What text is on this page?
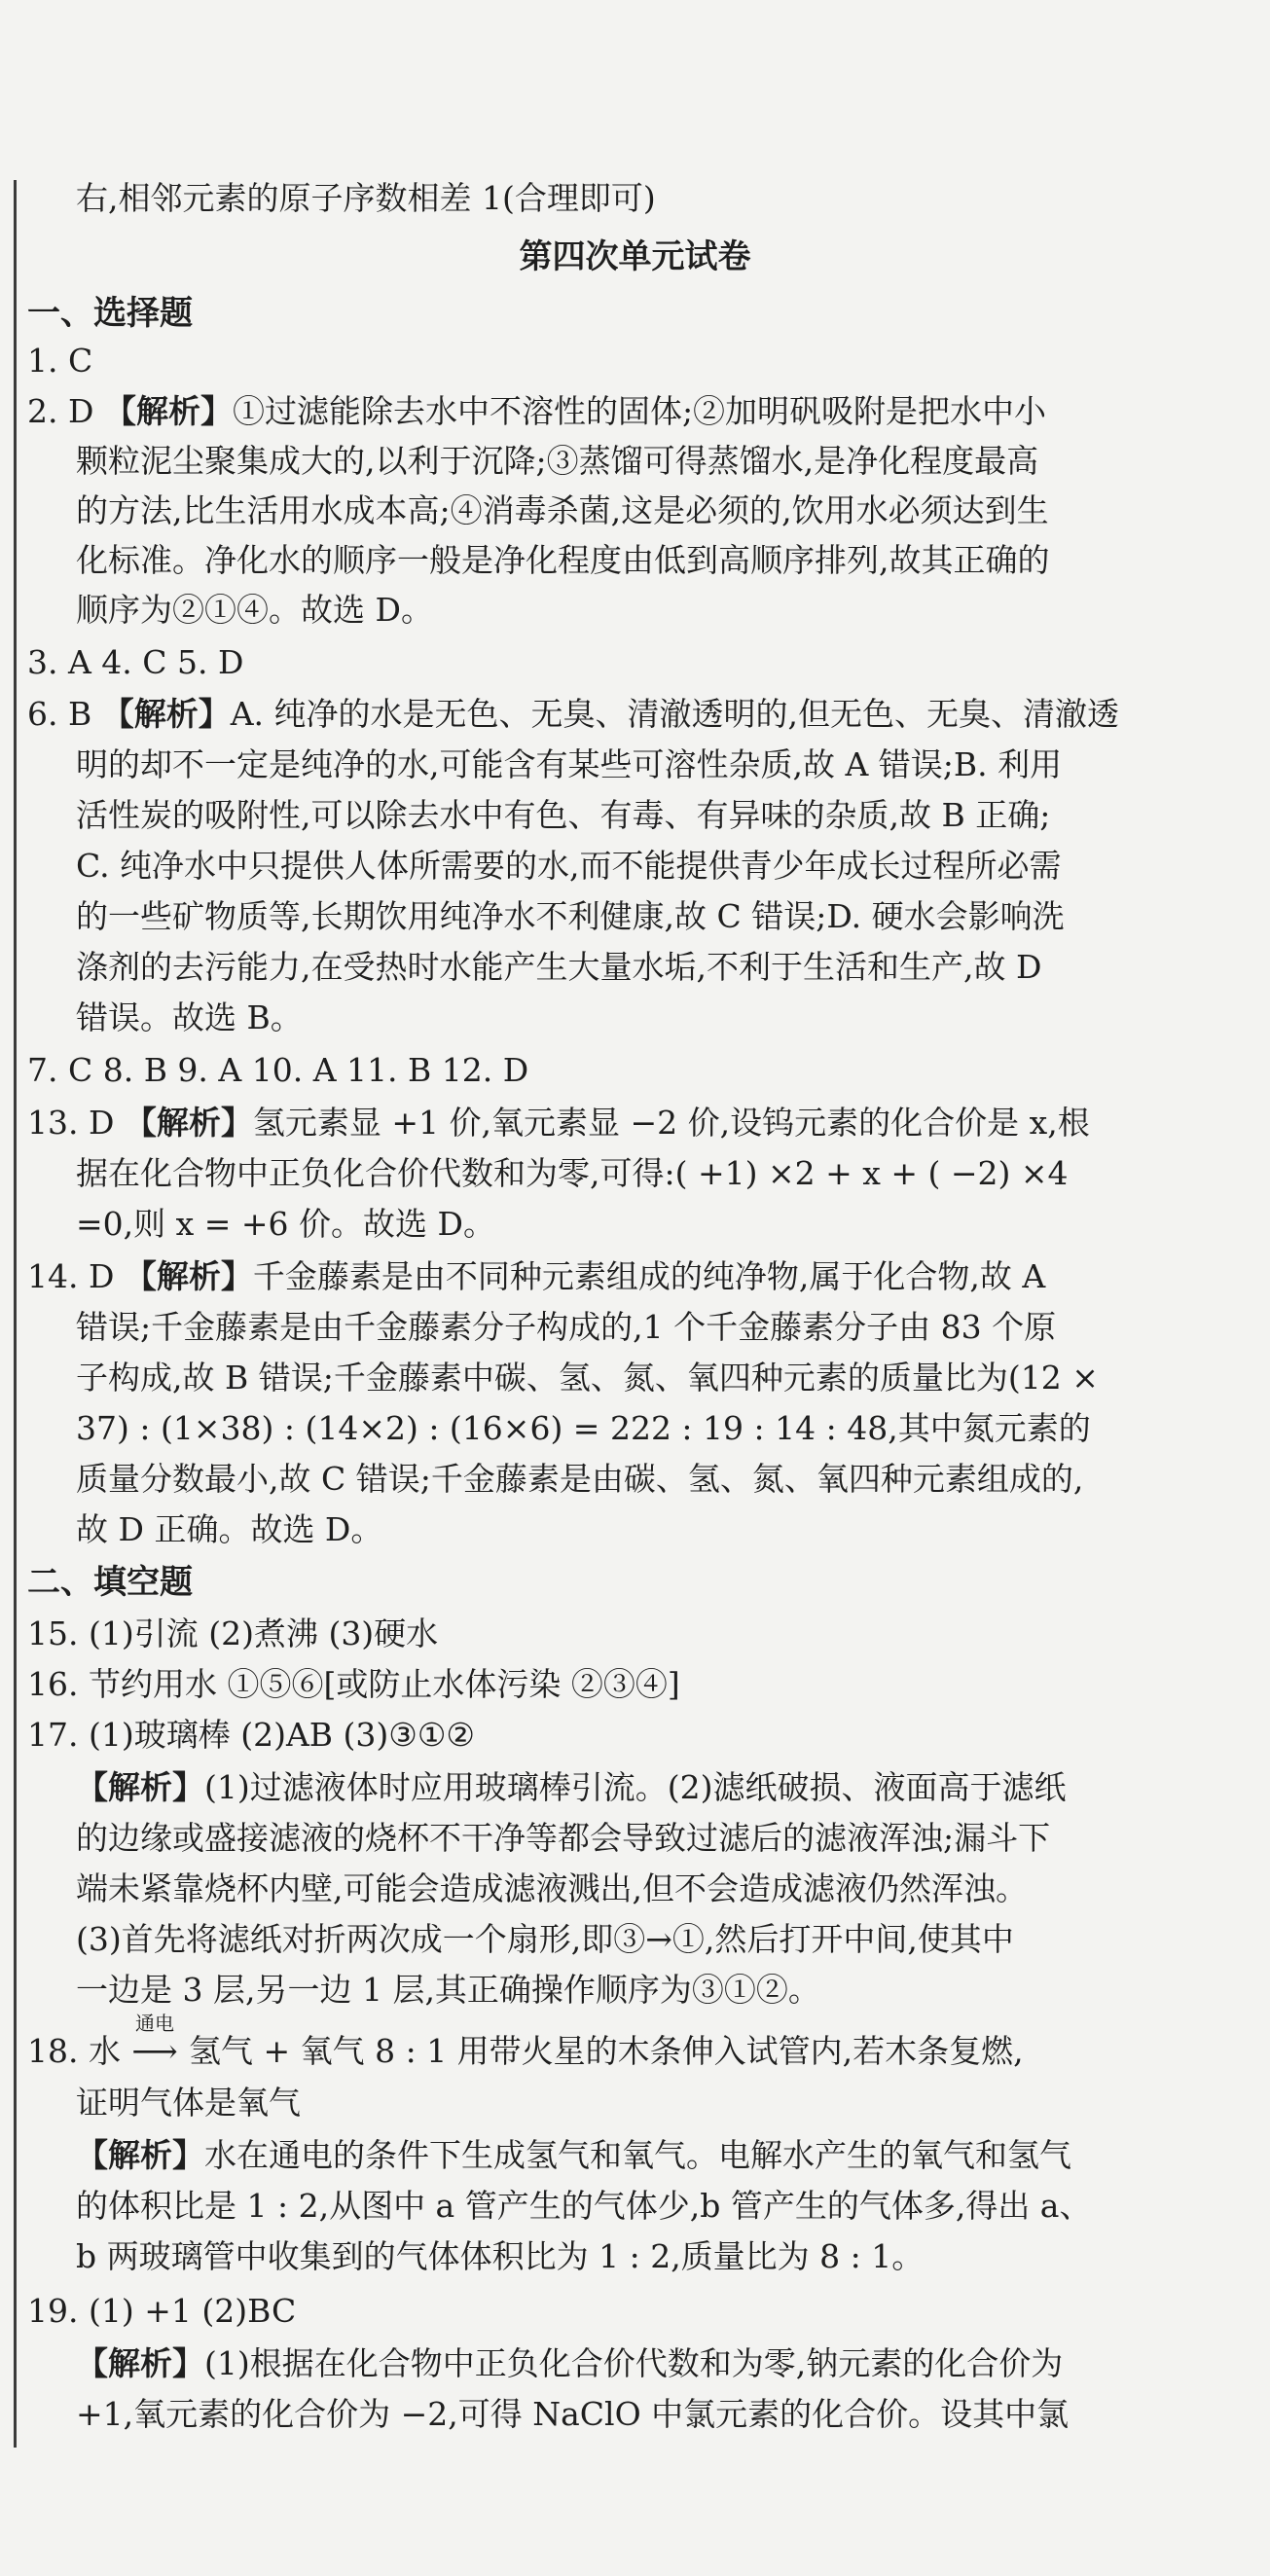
右,相邻元素的原子序数相差 1(合理即可)
第四次单元试卷
一、选择题
1. C
2. D 【解析】①过滤能除去水中不溶性的固体;②加明矾吸附是把水中小
颗粒泥尘聚集成大的,以利于沉降;③蒸馏可得蒸馏水,是净化程度最高
的方法,比生活用水成本高;④消毒杀菌,这是必须的,饮用水必须达到生
化标准。净化水的顺序一般是净化程度由低到高顺序排列,故其正确的
顺序为②①④。故选 D。
3. A 4. C 5. D
6. B 【解析】A. 纯净的水是无色、无臭、清澈透明的,但无色、无臭、清澈透
明的却不一定是纯净的水,可能含有某些可溶性杂质,故 A 错误;B. 利用
活性炭的吸附性,可以除去水中有色、有毒、有异味的杂质,故 B 正确;
C. 纯净水中只提供人体所需要的水,而不能提供青少年成长过程所必需
的一些矿物质等,长期饮用纯净水不利健康,故 C 错误;D. 硬水会影响洗
涤剂的去污能力,在受热时水能产生大量水垢,不利于生活和生产,故 D
错误。故选 B。
7. C 8. B 9. A 10. A 11. B 12. D
13. D 【解析】氢元素显 +1 价,氧元素显 −2 价,设钨元素的化合价是 x,根
据在化合物中正负化合价代数和为零,可得:( +1) ×2 + x + ( −2) ×4
=0,则 x = +6 价。故选 D。
14. D 【解析】千金藤素是由不同种元素组成的纯净物,属于化合物,故 A
错误;千金藤素是由千金藤素分子构成的,1 个千金藤素分子由 83 个原
子构成,故 B 错误;千金藤素中碳、氢、氮、氧四种元素的质量比为(12 ×
37) : (1×38) : (14×2) : (16×6) = 222 : 19 : 14 : 48,其中氮元素的
质量分数最小,故 C 错误;千金藤素是由碳、氢、氮、氧四种元素组成的,
故 D 正确。故选 D。
二、填空题
15. (1)引流 (2)煮沸 (3)硬水
16. 节约用水 ①⑤⑥[或防止水体污染 ②③④]
17. (1)玻璃棒 (2)AB (3)③①②
【解析】(1)过滤液体时应用玻璃棒引流。(2)滤纸破损、液面高于滤纸
的边缘或盛接滤液的烧杯不干净等都会导致过滤后的滤液浑浊;漏斗下
端未紧靠烧杯内壁,可能会造成滤液溅出,但不会造成滤液仍然浑浊。
(3)首先将滤纸对折两次成一个扇形,即③→①,然后打开中间,使其中
一边是 3 层,另一边 1 层,其正确操作顺序为③①②。
18. 水
通电
⟶ 氢气 + 氧气 8 : 1 用带火星的木条伸入试管内,若木条复燃,
证明气体是氧气
【解析】水在通电的条件下生成氢气和氧气。电解水产生的氧气和氢气
的体积比是 1 : 2,从图中 a 管产生的气体少,b 管产生的气体多,得出 a、
b 两玻璃管中收集到的气体体积比为 1 : 2,质量比为 8 : 1。
19. (1) +1 (2)BC
【解析】(1)根据在化合物中正负化合价代数和为零,钠元素的化合价为
+1,氧元素的化合价为 −2,可得 NaClO 中氯元素的化合价。设其中氯
